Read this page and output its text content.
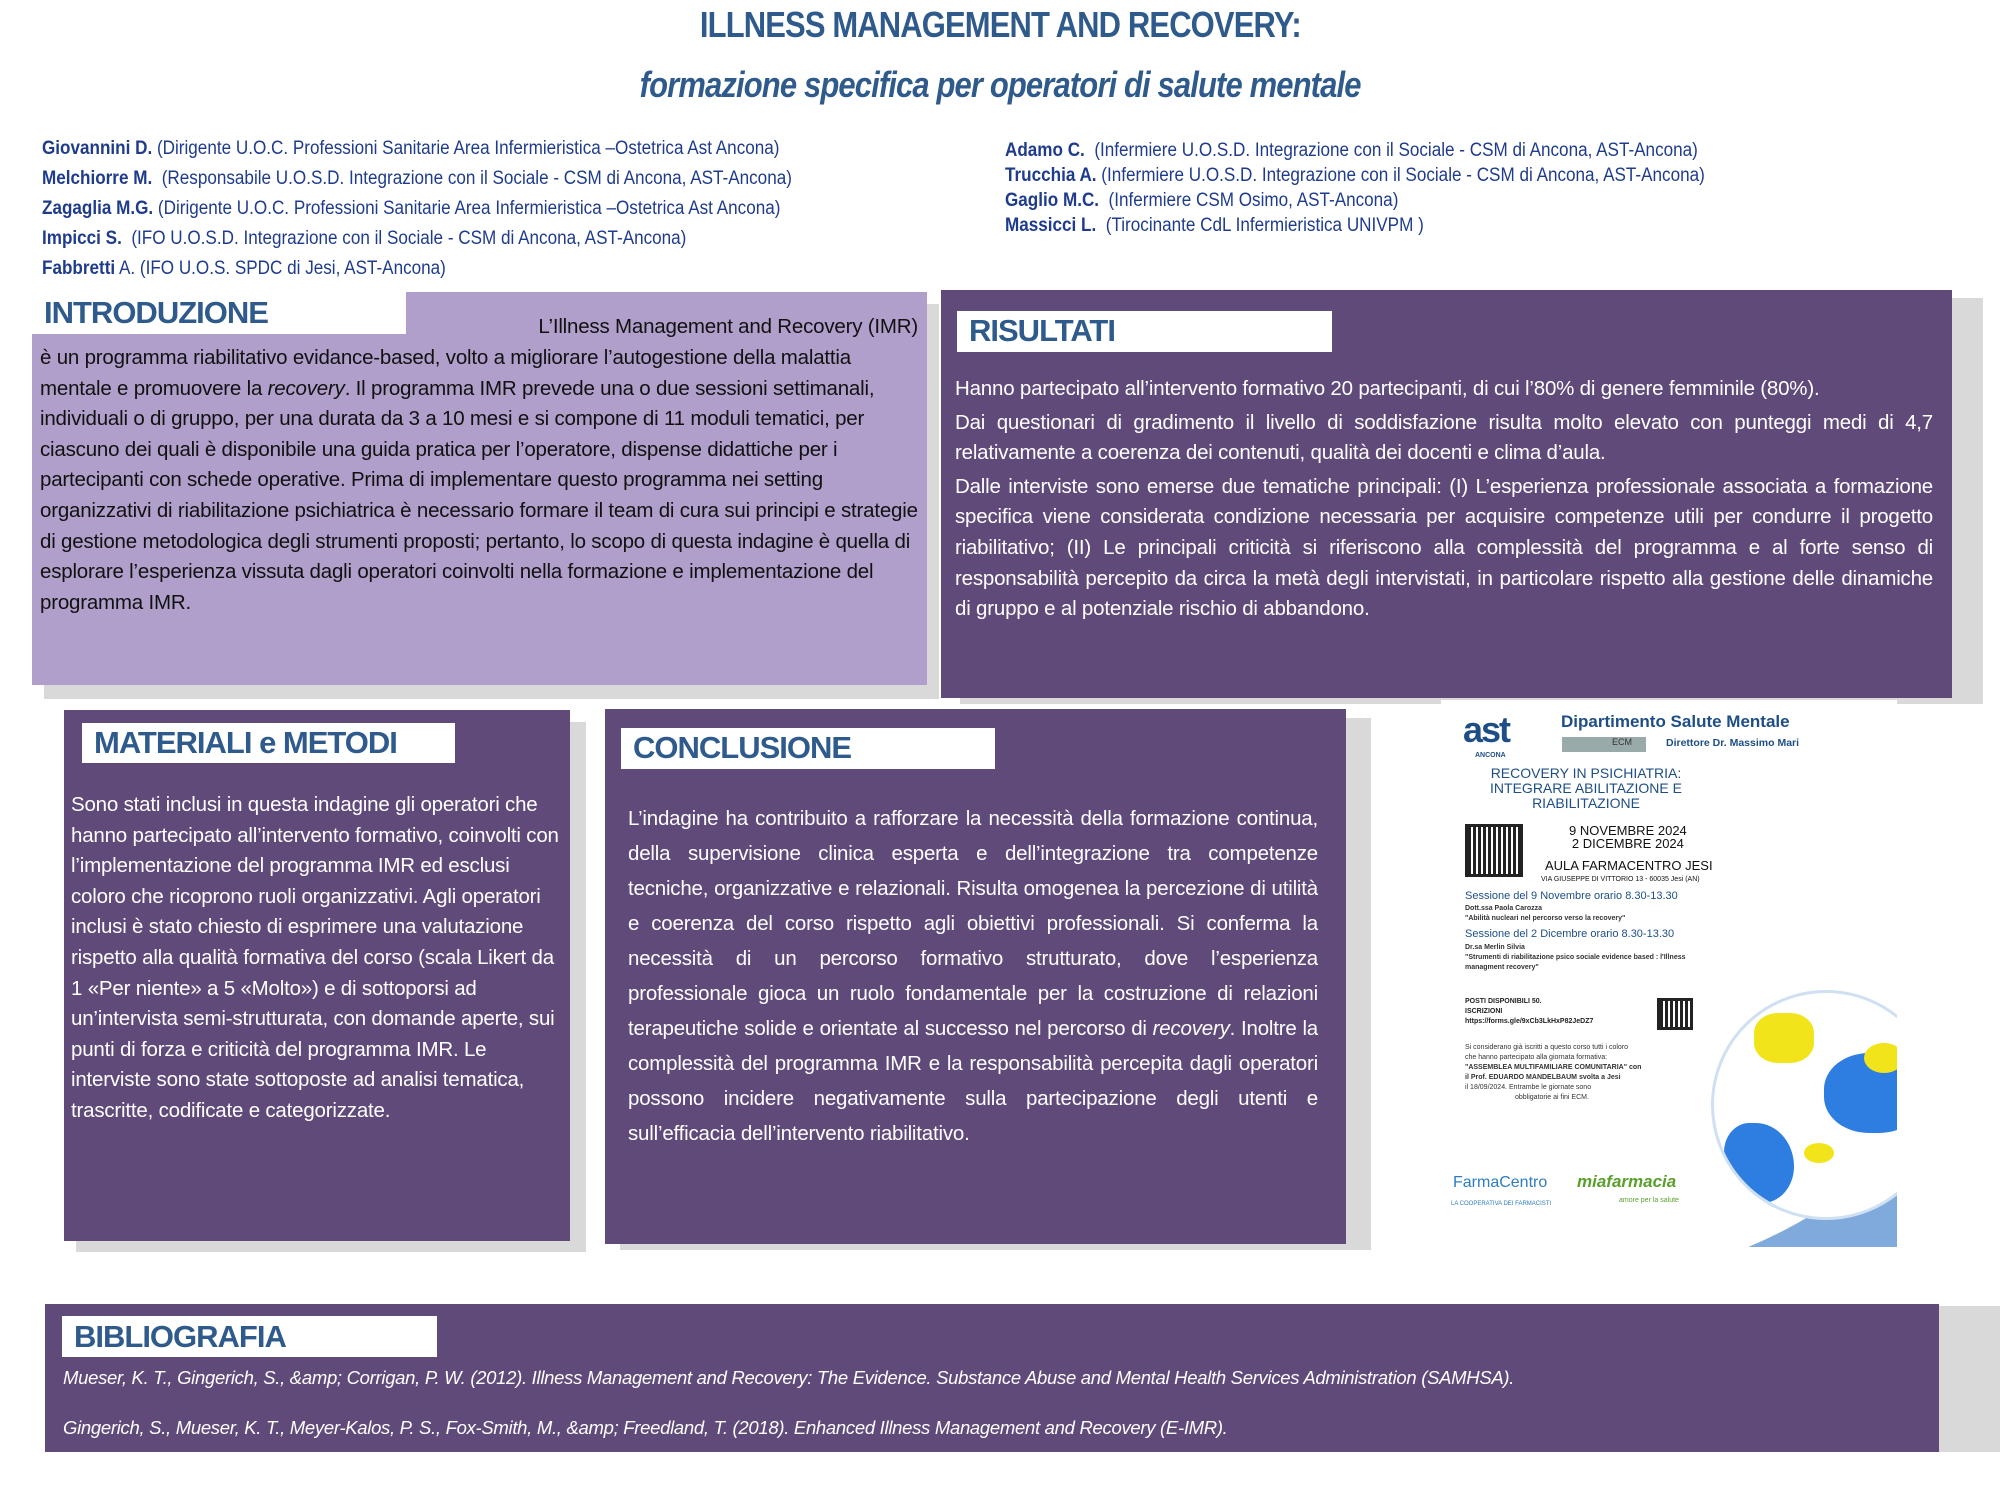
ILLNESS MANAGEMENT AND RECOVERY:
formazione specifica per operatori di salute mentale
Giovannini D. (Dirigente U.O.C. Professioni Sanitarie Area Infermieristica –Ostetrica Ast Ancona)
Melchiorre M. (Responsabile U.O.S.D. Integrazione con il Sociale - CSM di Ancona, AST-Ancona)
Zagaglia M.G. (Dirigente U.O.C. Professioni Sanitarie Area Infermieristica –Ostetrica Ast Ancona)
Impicci S. (IFO U.O.S.D. Integrazione con il Sociale - CSM di Ancona, AST-Ancona)
Fabbretti A. (IFO U.O.S. SPDC di Jesi, AST-Ancona)
Adamo C. (Infermiere U.O.S.D. Integrazione con il Sociale - CSM di Ancona, AST-Ancona)
Trucchia A. (Infermiere U.O.S.D. Integrazione con il Sociale - CSM di Ancona, AST-Ancona)
Gaglio M.C. (Infermiere CSM Osimo, AST-Ancona)
Massicci L. (Tirocinante CdL Infermieristica UNIVPM )
INTRODUZIONE	L’Illness Management and Recovery (IMR)
è un programma riabilitativo evidance-based, volto a migliorare l’autogestione della malattia mentale e promuovere la recovery. Il programma IMR prevede una o due sessioni settimanali, individuali o di gruppo, per una durata da 3 a 10 mesi e si compone di 11 moduli tematici, per ciascuno dei quali è disponibile una guida pratica per l’operatore, dispense didattiche per i partecipanti con schede operative. Prima di implementare questo programma nei setting organizzativi di riabilitazione psichiatrica è necessario formare il team di cura sui principi e strategie di gestione metodologica degli strumenti proposti; pertanto, lo scopo di questa indagine è quella di esplorare l’esperienza vissuta dagli operatori coinvolti nella formazione e implementazione del programma IMR.
RISULTATI

Hanno partecipato all’intervento formativo 20 partecipanti, di cui l’80% di genere femminile (80%).

Dai questionari di gradimento il livello di soddisfazione risulta molto elevato con punteggi medi di 4,7 relativamente a coerenza dei contenuti, qualità dei docenti e clima d’aula.

Dalle interviste sono emerse due tematiche principali: (I) L’esperienza professionale associata a formazione specifica viene considerata condizione necessaria per acquisire competenze utili per condurre il progetto riabilitativo; (II) Le principali criticità si riferiscono alla complessità del programma e al forte senso di responsabilità percepito da circa la metà degli intervistati, in particolare rispetto alla gestione delle dinamiche di gruppo e al potenziale rischio di abbandono.

MATERIALI e METODI
Sono stati inclusi in questa indagine gli operatori che hanno partecipato all’intervento formativo, coinvolti con l’implementazione del programma IMR ed esclusi coloro che ricoprono ruoli organizzativi. Agli operatori inclusi è stato chiesto di esprimere una valutazione rispetto alla qualità formativa del corso (scala Likert da 1 «Per niente» a 5 «Molto») e di sottoporsi ad un’intervista semi-strutturata, con domande aperte, sui punti di forza e criticità del programma IMR. Le interviste sono state sottoposte ad analisi tematica, trascritte, codificate e categorizzate.
CONCLUSIONE
L’indagine ha contribuito a rafforzare la necessità della formazione continua, della supervisione clinica esperta e dell’integrazione tra competenze tecniche, organizzative e relazionali. Risulta omogenea la percezione di utilità e coerenza del corso rispetto agli obiettivi professionali. Si conferma la necessità di un percorso formativo strutturato, dove l’esperienza professionale gioca un ruolo fondamentale per la costruzione di relazioni terapeutiche solide e orientate al successo nel percorso di recovery. Inoltre la complessità del programma IMR e la responsabilità percepita dagli operatori possono incidere negativamente sulla partecipazione degli utenti e sull’efficacia dell’intervento riabilitativo.
ast
ANCONA
Dipartimento Salute Mentale
ECM	Direttore Dr. Massimo Mari
RECOVERY IN PSICHIATRIA:
INTEGRARE ABILITAZIONE E
RIABILITAZIONE
9 NOVEMBRE 2024
2 DICEMBRE 2024
AULA FARMACENTRO JESI
VIA GIUSEPPE DI VITTORIO 13 - 60035 Jesi (AN)
Sessione del 9 Novembre orario 8.30-13.30
Dott.ssa Paola Carozza
"Abilità nucleari nel percorso verso la recovery"
Sessione del 2 Dicembre orario 8.30-13.30
Dr.sa Merlin Silvia
"Strumenti di riabilitazione psico sociale evidence based : l'Illness
managment recovery"
POSTI DISPONIBILI 50.
ISCRIZIONI
https://forms.gle/9xCb3LkHxP82JeDZ7
Si considerano già iscritti a questo corso tutti i coloro
che hanno partecipato alla giornata formativa:
"ASSEMBLEA MULTIFAMILIARE COMUNITARIA" con
il Prof. EDUARDO MANDELBAUM svolta a Jesi
il 18/09/2024. Entrambe le giornate sono
obbligatorie ai fini ECM.
Con il patrocinio gratuito di:
FarmaCentro
LA COOPERATIVA DEI FARMACISTI
miafarmacia
amore per la salute
BIBLIOGRAFIA
Mueser, K. T., Gingerich, S., &amp; Corrigan, P. W. (2012). Illness Management and Recovery: The Evidence. Substance Abuse and Mental Health Services Administration (SAMHSA).
Gingerich, S., Mueser, K. T., Meyer-Kalos, P. S., Fox-Smith, M., &amp; Freedland, T. (2018). Enhanced Illness Management and Recovery (E-IMR).
